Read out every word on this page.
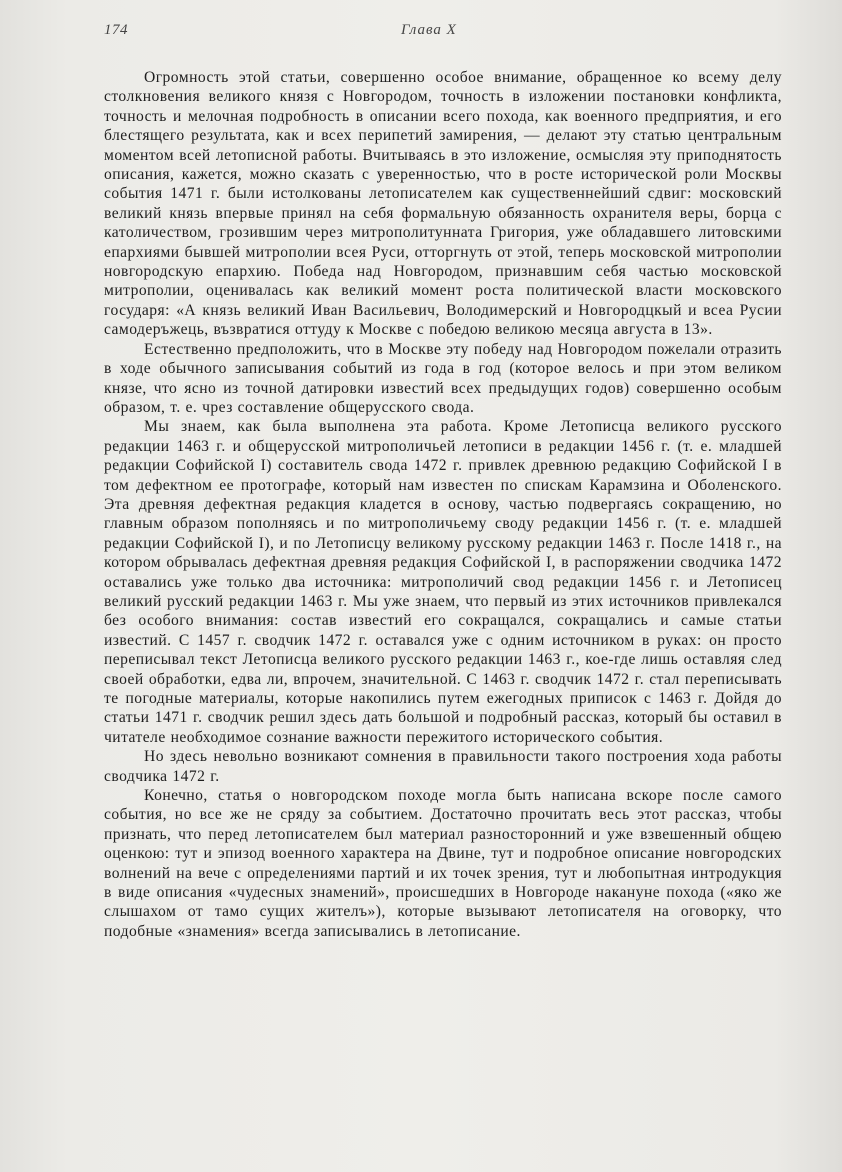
174	Глава X

Огромность этой статьи, совершенно особое внимание, обращенное ко всему делу столкновения великого князя с Новгородом, точность в изложении постановки конфликта, точность и мелочная подробность в описании всего похода, как военного предприятия, и его блестящего результата, как и всех перипетий замирения, — делают эту статью центральным моментом всей летописной работы. Вчитываясь в это изложение, осмысляя эту приподнятость описания, кажется, можно сказать с уверенностью, что в росте исторической роли Москвы события 1471 г. были истолкованы летописателем как существеннейший сдвиг: московский великий князь впервые принял на себя формальную обязанность охранителя веры, борца с католичеством, грозившим через митрополитунната Григория, уже обладавшего литовскими епархиями бывшей митрополии всея Руси, отторгнуть от этой, теперь московской митрополии новгородскую епархию. Победа над Новгородом, признавшим себя частью московской митрополии, оценивалась как великий момент роста политической власти московского государя: «А князь великий Иван Васильевич, Володимерский и Новгородцкый и всеа Русии самодеръжець, възвратися оттуду к Москве с победою великою месяца августа в 13».

Естественно предположить, что в Москве эту победу над Новгородом пожелали отразить в ходе обычного записывания событий из года в год (которое велось и при этом великом князе, что ясно из точной датировки известий всех предыдущих годов) совершенно особым образом, т. е. чрез составление общерусского свода.

Мы знаем, как была выполнена эта работа. Кроме Летописца великого русского редакции 1463 г. и общерусской митрополичьей летописи в редакции 1456 г. (т. е. младшей редакции Софийской I) составитель свода 1472 г. привлек древнюю редакцию Софийской I в том дефектном ее протографе, который нам известен по спискам Карамзина и Оболенского. Эта древняя дефектная редакция кладется в основу, частью подвергаясь сокращению, но главным образом пополняясь и по митрополичьему своду редакции 1456 г. (т. е. младшей редакции Софийской I), и по Летописцу великому русскому редакции 1463 г. После 1418 г., на котором обрывалась дефектная древняя редакция Софийской I, в распоряжении сводчика 1472 оставались уже только два источника: митрополичий свод редакции 1456 г. и Летописец великий русский редакции 1463 г. Мы уже знаем, что первый из этих источников привлекался без особого внимания: состав известий его сокращался, сокращались и самые статьи известий. С 1457 г. сводчик 1472 г. оставался уже с одним источником в руках: он просто переписывал текст Летописца великого русского редакции 1463 г., кое-где лишь оставляя след своей обработки, едва ли, впрочем, значительной. С 1463 г. сводчик 1472 г. стал переписывать те погодные материалы, которые накопились путем ежегодных приписок с 1463 г. Дойдя до статьи 1471 г. сводчик решил здесь дать большой и подробный рассказ, который бы оставил в читателе необходимое сознание важности пережитого исторического события.

Но здесь невольно возникают сомнения в правильности такого построения хода работы сводчика 1472 г.

Конечно, статья о новгородском походе могла быть написана вскоре после самого события, но все же не сряду за событием. Достаточно прочитать весь этот рассказ, чтобы признать, что перед летописателем был материал разносторонний и уже взвешенный общею оценкою: тут и эпизод военного характера на Двине, тут и подробное описание новгородских волнений на вече с определениями партий и их точек зрения, тут и любопытная интродукция в виде описания «чудесных знамений», происшедших в Новгороде накануне похода («яко же слышахом от тамо сущих жителъ»), которые вызывают летописателя на оговорку, что подобные «знамения» всегда записывались в летописание.
